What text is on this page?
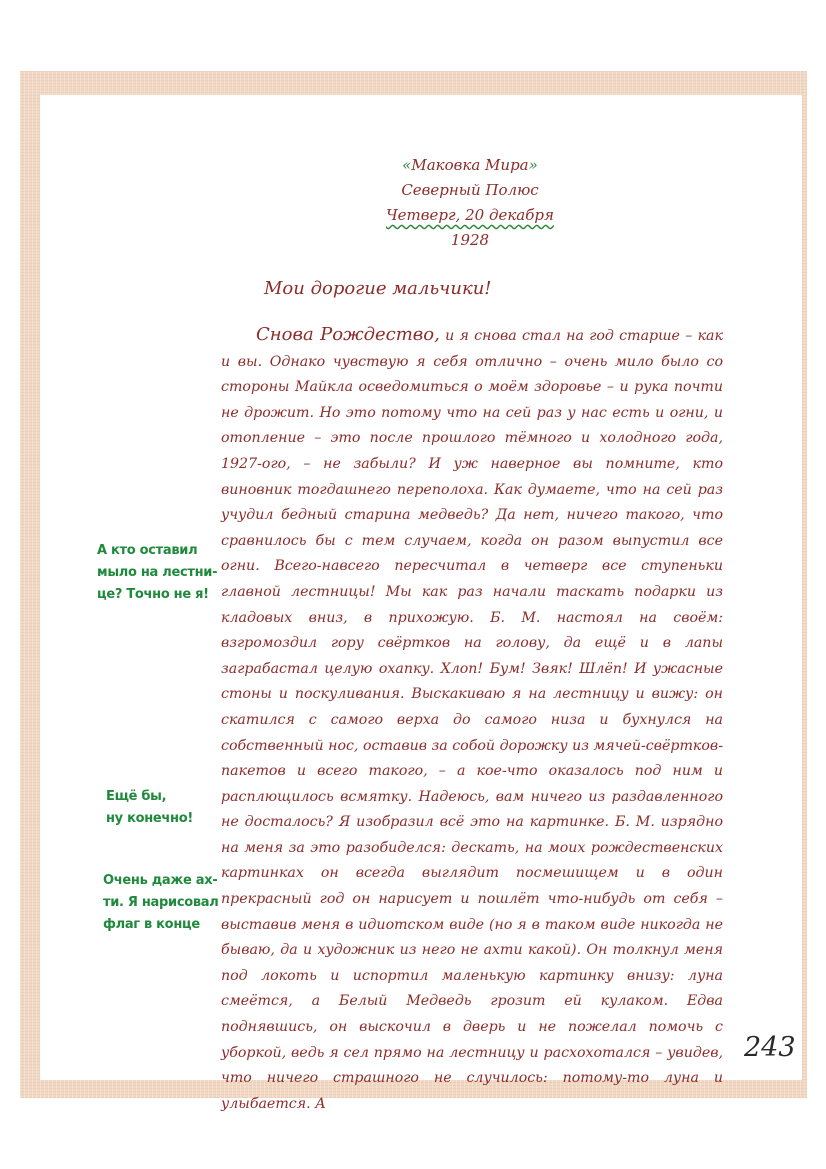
«Маковка Мира»
Северный Полюс
Четверг, 20 декабря
1928
Мои дорогие мальчики!

Снова Рождество, и я снова стал на год старше – как и вы. Однако чувствую я себя отлично – очень мило было со стороны Майкла осведомиться о моём здоровье – и рука почти не дрожит. Но это потому что на сей раз у нас есть и огни, и отопление – это после прошлого тёмного и холодного года, 1927-ого, – не забыли? И уж наверное вы помните, кто виновник тогдашнего переполоха. Как думаете, что на сей раз учудил бедный старина медведь? Да нет, ничего такого, что сравнилось бы с тем случаем, когда он разом выпустил все огни. Всего-навсего пересчитал в четверг все ступеньки главной лестницы! Мы как раз начали таскать подарки из кладовых вниз, в прихожую. Б. М. настоял на своём: взгромоздил гору свёртков на голову, да ещё и в лапы заграбастал целую охапку. Хлоп! Бум! Звяк! Шлёп! И ужасные стоны и поскуливания. Выскакиваю я на лестницу и вижу: он скатился с самого верха до самого низа и бухнулся на собственный нос, оставив за собой дорожку из мячей-свёртков-пакетов и всего такого, – а кое-что оказалось под ним и расплющилось всмятку. Надеюсь, вам ничего из раздавленного не досталось? Я изобразил всё это на картинке. Б. М. изрядно на меня за это разобиделся: дескать, на моих рождественских картинках он всегда выглядит посмешищем и в один прекрасный год он нарисует и пошлёт что-нибудь от себя – выставив меня в идиотском виде (но я в таком виде никогда не бываю, да и художник из него не ахти какой). Он толкнул меня под локоть и испортил маленькую картинку внизу: луна смеётся, а Белый Медведь грозит ей кулаком. Едва поднявшись, он выскочил в дверь и не пожелал помочь с уборкой, ведь я сел прямо на лестницу и расхохотался – увидев, что ничего страшного не случилось: потому-то луна и улыбается. А

А кто оставил
мыло на лестни-
це? Точно не я!
Ещё бы,
ну конечно!
Очень даже ах-
ти. Я нарисовал
флаг в конце
243
